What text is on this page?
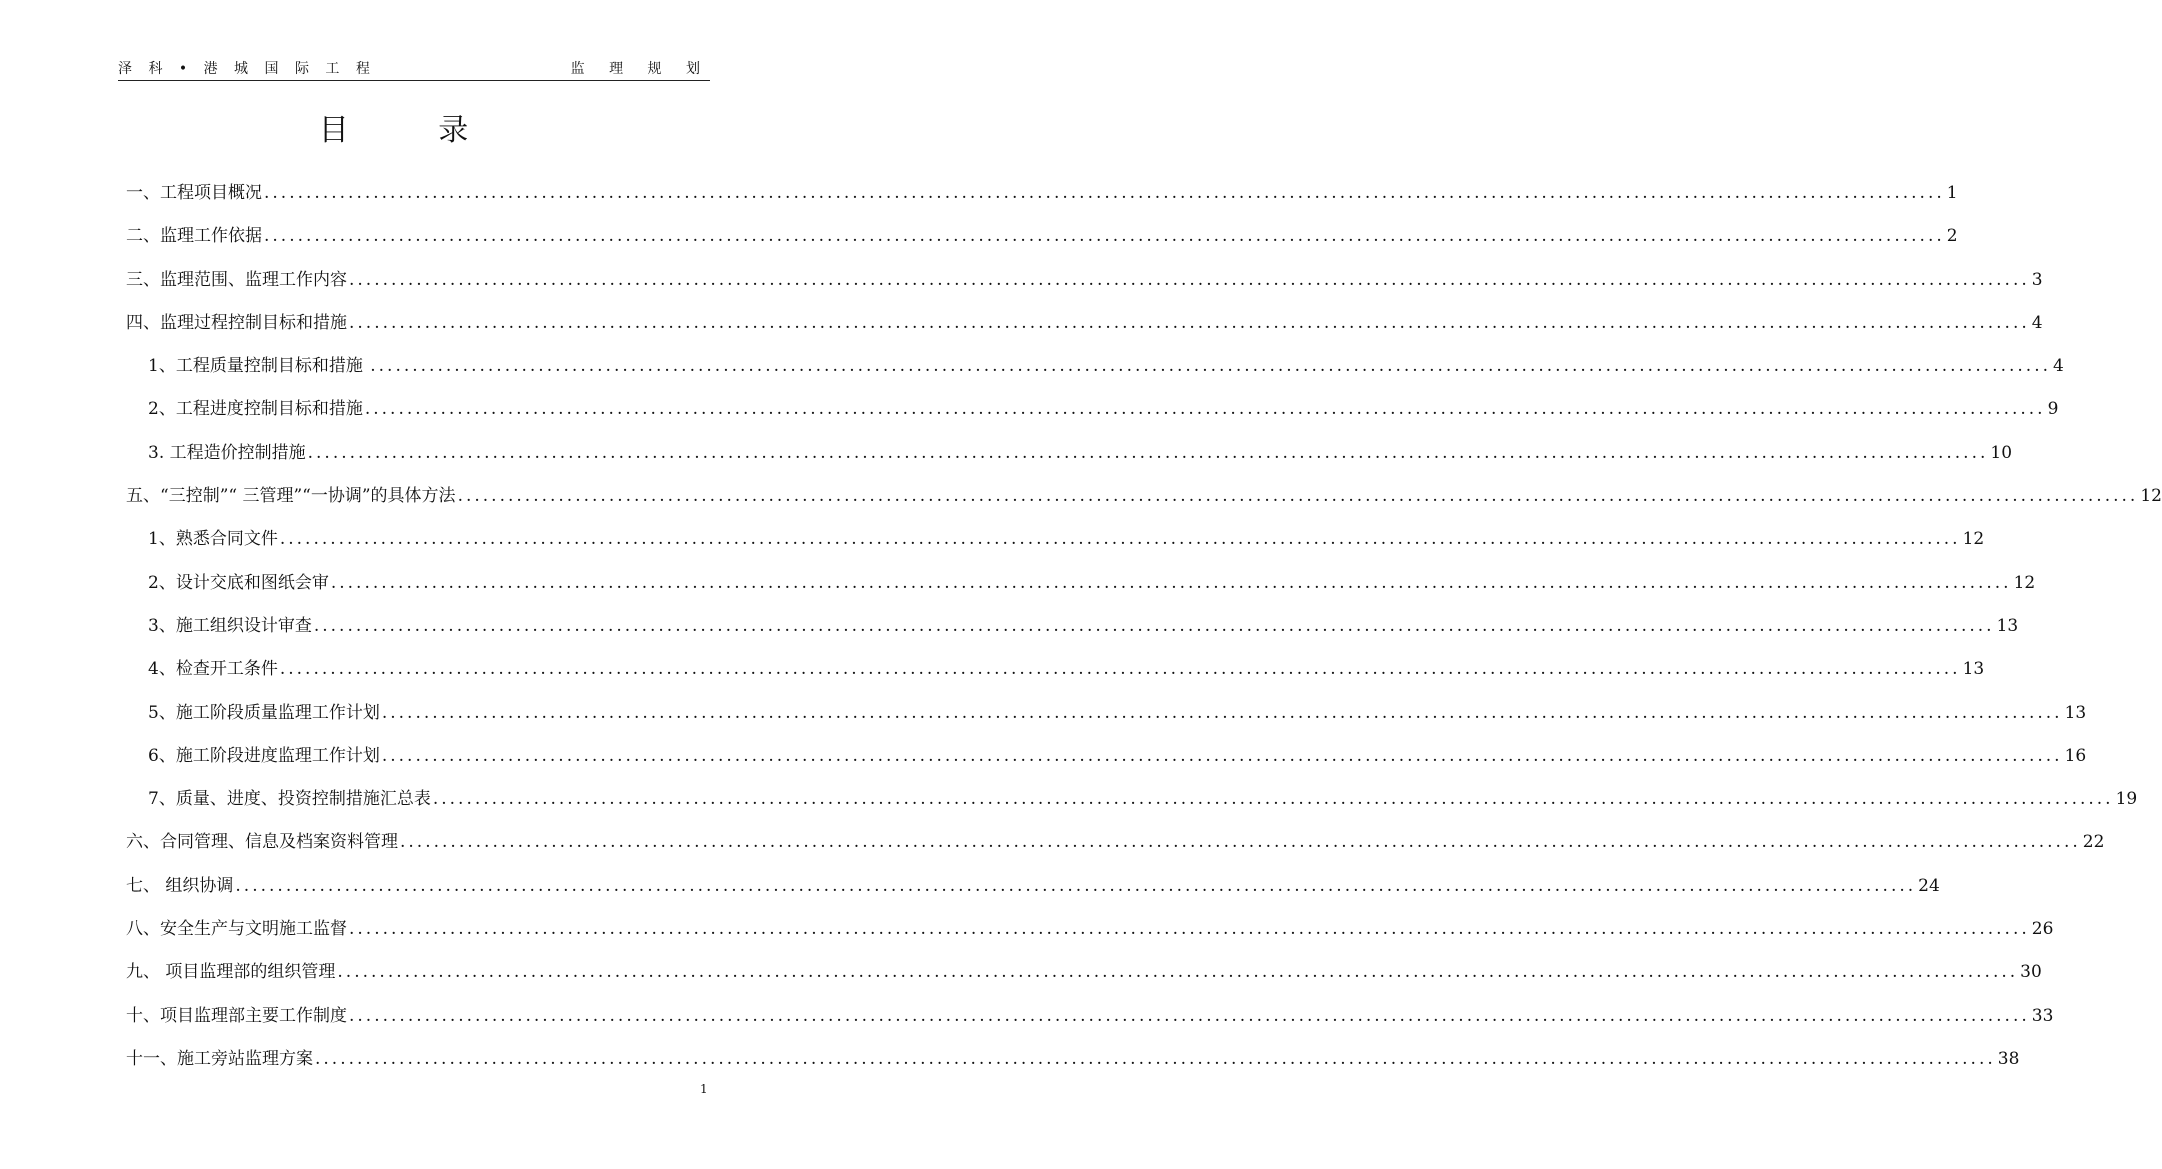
泽 科 • 港 城 国 际 工 程	监 理 规 划
目 录
一、工程项目概况 ........................................................................................................................................................................................................ 1
二、监理工作依据 ........................................................................................................................................................................................................ 2
三、监理范围、监理工作内容 ........................................................................................................................................................................................................ 3
四、监理过程控制目标和措施 ........................................................................................................................................................................................................ 4
1、工程质量控制目标和措施 ........................................................................................................................................................................................................ 4
2、工程进度控制目标和措施 ........................................................................................................................................................................................................ 9
3. 工程造价控制措施 ........................................................................................................................................................................................................ 10
五、“三控制”“ 三管理”“一协调”的具体方法 ........................................................................................................................................................................................................ 12
1、熟悉合同文件 ........................................................................................................................................................................................................ 12
2、设计交底和图纸会审 ........................................................................................................................................................................................................ 12
3、施工组织设计审查 ........................................................................................................................................................................................................ 13
4、检查开工条件 ........................................................................................................................................................................................................ 13
5、施工阶段质量监理工作计划 ........................................................................................................................................................................................................ 13
6、施工阶段进度监理工作计划 ........................................................................................................................................................................................................ 16
7、质量、进度、投资控制措施汇总表 ........................................................................................................................................................................................................ 19
六、合同管理、信息及档案资料管理 ........................................................................................................................................................................................................ 22
七、 组织协调 ........................................................................................................................................................................................................ 24
八、安全生产与文明施工监督 ........................................................................................................................................................................................................ 26
九、 项目监理部的组织管理 ........................................................................................................................................................................................................ 30
十、项目监理部主要工作制度 ........................................................................................................................................................................................................ 33
十一、施工旁站监理方案 ........................................................................................................................................................................................................ 38
1
